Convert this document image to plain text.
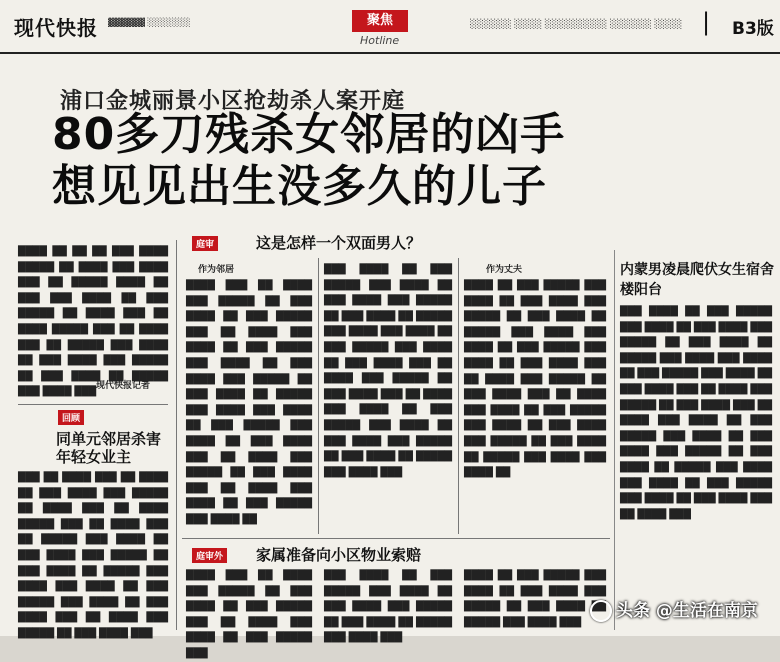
现代快报 ▓▓▓▓▓▓ ░░░░░░░	聚焦
Hotline
░░░░░░ ░░░░ ░░░░░░░░░ ░░░░░░ ░░░░ | B3版
浦口金城丽景小区抢劫杀人案开庭
80多刀残杀女邻居的凶手
想见见出生没多久的儿子
████ ██ ██ ██ ███ ████ █████ ██ ████ ███ ████ ███ ██ █████ ████ ██ ███ ███ ████ ██ ███ █████ ██ ████ ███ ██ ████ █████ ███ ██ ████ ███ ██ █████ ███ ████ ██ ███ ████ ███ █████ ██ ███ ████ ██ █████ ███ ████ ███
现代快报记者
回顾
同单元邻居杀害年轻女业主
███ ██ ████ ███ ██ ████ ██ ███ ████ ███ █████ ██ ████ ███ ██ ████ █████ ███ ██ ████ ███ ██ █████ ███ ████ ██ ███ ████ ███ █████ ██ ███ ████ ██ █████ ███ ████ ███ ████ ██ ███ █████ ███ ████ ██ ███ ████ ███ ██ ████ ███ █████ ██ ███ ████ ███
庭审	这是怎样一个双面男人？
作为邻居
████ ███ ██ ████ ███ █████ ██ ███ ████ ██ ███ █████ ███ ██ ████ ███ ████ ██ ███ █████ ███ ████ ██ ███ ████ ███ █████ ██ ███ ████ ██ █████ ███ ████ ███ ████ ██ ███ █████ ███ ████ ██ ███ ████ ███ ██ ████ ███ █████ ██ ███ ████ ███ ██ ████ ███ ████ ██ ███ █████ ███ ████ ██
███ ████ ██ ███ █████ ███ ████ ██ ███ ████ ███ █████ ██ ███ ████ ██ █████ ███ ████ ███ ████ ██ ███ █████ ███ ████ ██ ███ ████ ███ ██ ████ ███ █████ ██ ███ ████ ███ ██ ████ ███ ████ ██ ███ █████ ███ ████ ██ ███ ████ ███ █████ ██ ███ ████ ██ █████ ███ ████ ███
作为丈夫
████ ██ ███ █████ ███ ████ ██ ███ ████ ███ █████ ██ ███ ████ ██ █████ ███ ████ ███ ████ ██ ███ █████ ███ ████ ██ ███ ████ ███ ██ ████ ███ █████ ██ ███ ████ ███ ██ ████ ███ ████ ██ ███ █████ ███ ████ ██ ███ ████ ███ █████ ██ ███ ████ ██ █████ ███ ████ ███ ████ ██
庭审外 家属准备向小区物业索赔
████ ███ ██ ████ ███ █████ ██ ███ ████ ██ ███ █████ ███ ██ ████ ███ ████ ██ ███ █████ ███
███ ████ ██ ███ █████ ███ ████ ██ ███ ████ ███ █████ ██ ███ ████ ██ █████ ███ ████ ███
████ ██ ███ █████ ███ ████ ██ ███ ████ ███ █████ ██ ███ ████ ██ █████ ███ ████ ███
内蒙男凌晨爬伏女生宿舍楼阳台
███ ████ ██ ███ █████ ███ ████ ██ ███ ████ ███ █████ ██ ███ ████ ██ █████ ███ ████ ███ ████ ██ ███ █████ ███ ████ ██ ███ ████ ███ ██ ████ ███ █████ ██ ███ ████ ███ ██ ████ ███ ████ ██ ███ █████ ███ ████ ██ ███ ████ ███ █████ ██ ███ ████ ██ █████ ███ ████ ███ ████ ██ ███ █████ ███ ████ ██ ███ ████ ███ ██ ████ ███
头条 @生活在南京
